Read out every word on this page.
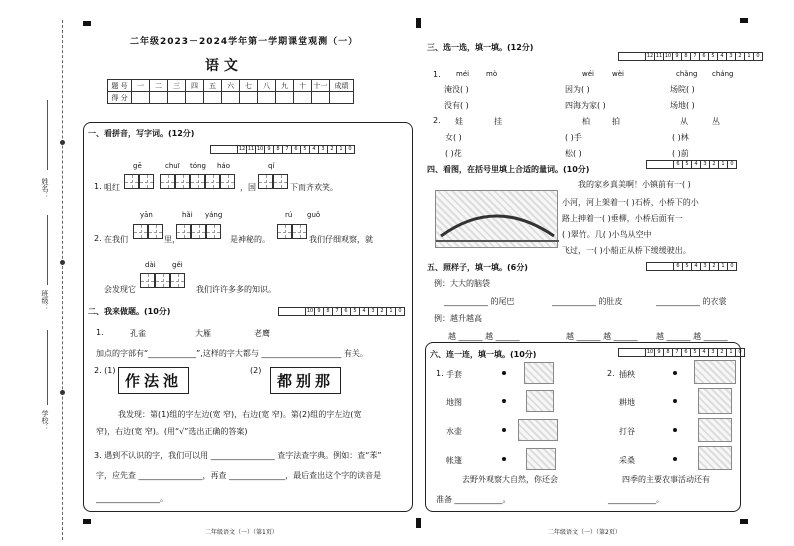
姓名：
班级：
学校：
二年级2023－2024学年第一学期课堂观测（一）
语 文
题 号	一	二	三	四	五	六	七	八	九	十	十一	成绩
得 分												
一、看拼音，写字词。(12分)
12 11 10 9	8	7	6	5	4	3	2	1	0
gē	chuī tóng háo	qí
1. 咀红	，国	下而齐欢笑。
yān	hǎi yáng	rú guǒ
2. 在我们	里，	是神秘的。	我们仔细观察，就
dài gěi
会发现它	我们许许多多的知识。
二、我来做题。(10分)	10 9	8	7	6	5	4	3	2	1	0
1.	孔雀	大雁	老鹰
加点的字部有“____________”,这样的字大都与 ____________________ 有关。
2. (1)
作法池
(2)
都别那
我发现：第(1)组的字左边(宽 窄)，右边(宽 窄)。第(2)组的字左边(宽
窄)，右边(宽 窄)。(用“√”选出正确的答案)
3. 遇到不认识的字，我们可以用 ________________ 查字法查字典。例如：查“苯”
字，应先查 ________________，再查 ______________，最后查出这个字的读音是
________________。
三、选一选，填一填。(12分)
12 11 10 9	8	7	6	5	4	3	2	1	0
1. méi mò	wéi	wèi	chǎng cháng
淹没( )	因为( )	场院( )
没有( )	四海为家( )	场地( )
2. 娃	挂	柏	拍	从	丛
女( )	( )手	( )林
( )花	松( )	( )前
四、看图，在括号里填上合适的量词。(10分)
6	5	4	3	2	1	0
我的家乡真美啊！小镇前有一( )
小河，河上架着一( )石桥，小桥下的小
路上抻着一( )垂柳，小桥后面有一
( )翠竹。几( )小鸟从空中
飞过，一( )小船正从桥下缓缓驶出。
五、照样子，填一填。(6分)	6	5	4	3	2	1	0
例：大大的脑袋
___________ 的尾巴	___________ 的肚皮	___________ 的衣裳
例：越升越高
越 ______ 越 ______	越 ______ 越 ______ 越 ______ 越 ______
六、连一连，填一填。(10分)	10 9	8	7	6	5	4	3	2	1	0
1. 手套
地图
水壶
帐篷
去野外观察大自然，你还会
准备 ____________。
2. 插秧
耕地
打谷
采桑
四季的主要农事活动还有
____________。
二年级语文（一）（第1页）	二年级语文（一）（第2页）
